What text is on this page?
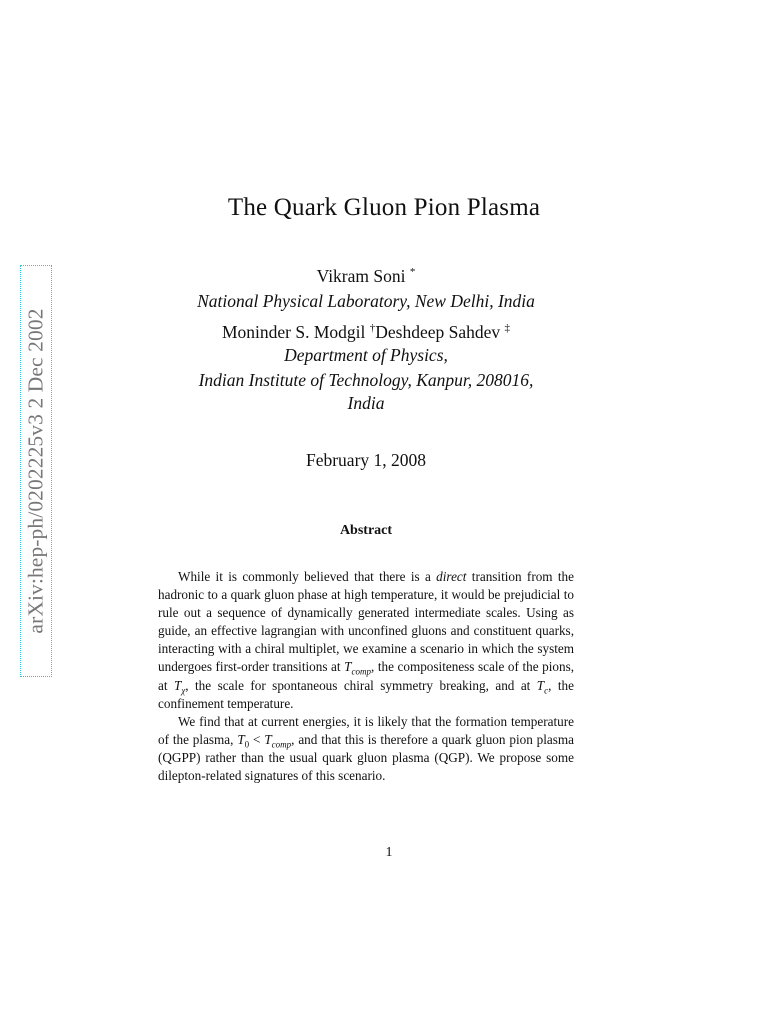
arXiv:hep-ph/0202225v3 2 Dec 2002
The Quark Gluon Pion Plasma
Vikram Soni *
National Physical Laboratory, New Delhi, India
Moninder S. Modgil †Deshdeep Sahdev ‡
Department of Physics,
Indian Institute of Technology, Kanpur, 208016,
India
February 1, 2008
Abstract

While it is commonly believed that there is a direct transition from the hadronic to a quark gluon phase at high temperature, it would be prejudicial to rule out a sequence of dynamically generated intermediate scales. Using as guide, an effective lagrangian with unconfined gluons and constituent quarks, interacting with a chiral multiplet, we examine a scenario in which the system undergoes first-order transitions at $T_{comp}$, the compositeness scale of the pions, at $T_\chi$, the scale for spontaneous chiral symmetry breaking, and at $T_c$, the confinement temperature.

We find that at current energies, it is likely that the formation temperature of the plasma, $T_0 < T_{comp}$, and that this is therefore a quark gluon pion plasma (QGPP) rather than the usual quark gluon plasma (QGP). We propose some dilepton-related signatures of this scenario.

1
